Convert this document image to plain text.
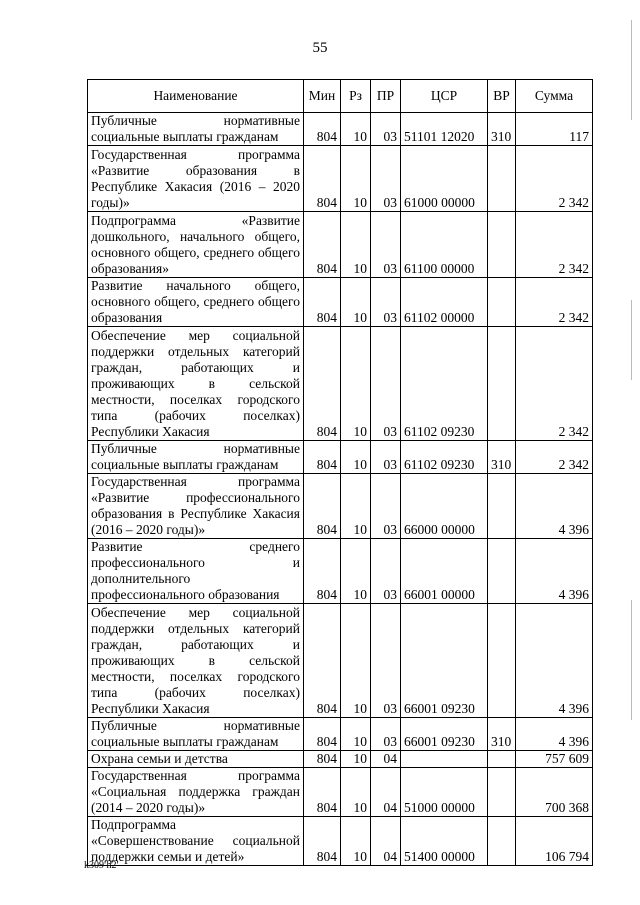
55
Наименование	Мин	Рз	ПР	ЦСР	ВР	Сумма
Публичные нормативные социальные выплаты гражданам	804	10	03	51101 12020	310	117
Государственная программа «Развитие образования в Республике Хакасия (2016 – 2020 годы)»	804	10	03	61000 00000		2 342
Подпрограмма «Развитие дошкольного, начального общего, основного общего, среднего общего образования»	804	10	03	61100 00000		2 342
Развитие начального общего, основного общего, среднего общего образования	804	10	03	61102 00000		2 342
Обеспечение мер социальной поддержки отдельных категорий граждан, работающих и проживающих в сельской местности, поселках городского типа (рабочих поселках) Республики Хакасия	804	10	03	61102 09230		2 342
Публичные нормативные социальные выплаты гражданам	804	10	03	61102 09230	310	2 342
Государственная программа «Развитие профессионального образования в Республике Хакасия (2016 – 2020 годы)»	804	10	03	66000 00000		4 396
Развитие среднего профессионального и дополнительного профессионального образования	804	10	03	66001 00000		4 396
Обеспечение мер социальной поддержки отдельных категорий граждан, работающих и проживающих в сельской местности, поселках городского типа (рабочих поселках) Республики Хакасия	804	10	03	66001 09230		4 396
Публичные нормативные социальные выплаты гражданам	804	10	03	66001 09230	310	4 396
Охрана семьи и детства	804	10	04			757 609
Государственная программа «Социальная поддержка граждан (2014 – 2020 годы)»	804	10	04	51000 00000		700 368
Подпрограмма «Совершенствование социальной поддержки семьи и детей»	804	10	04	51400 00000		106 794
k309 h2
